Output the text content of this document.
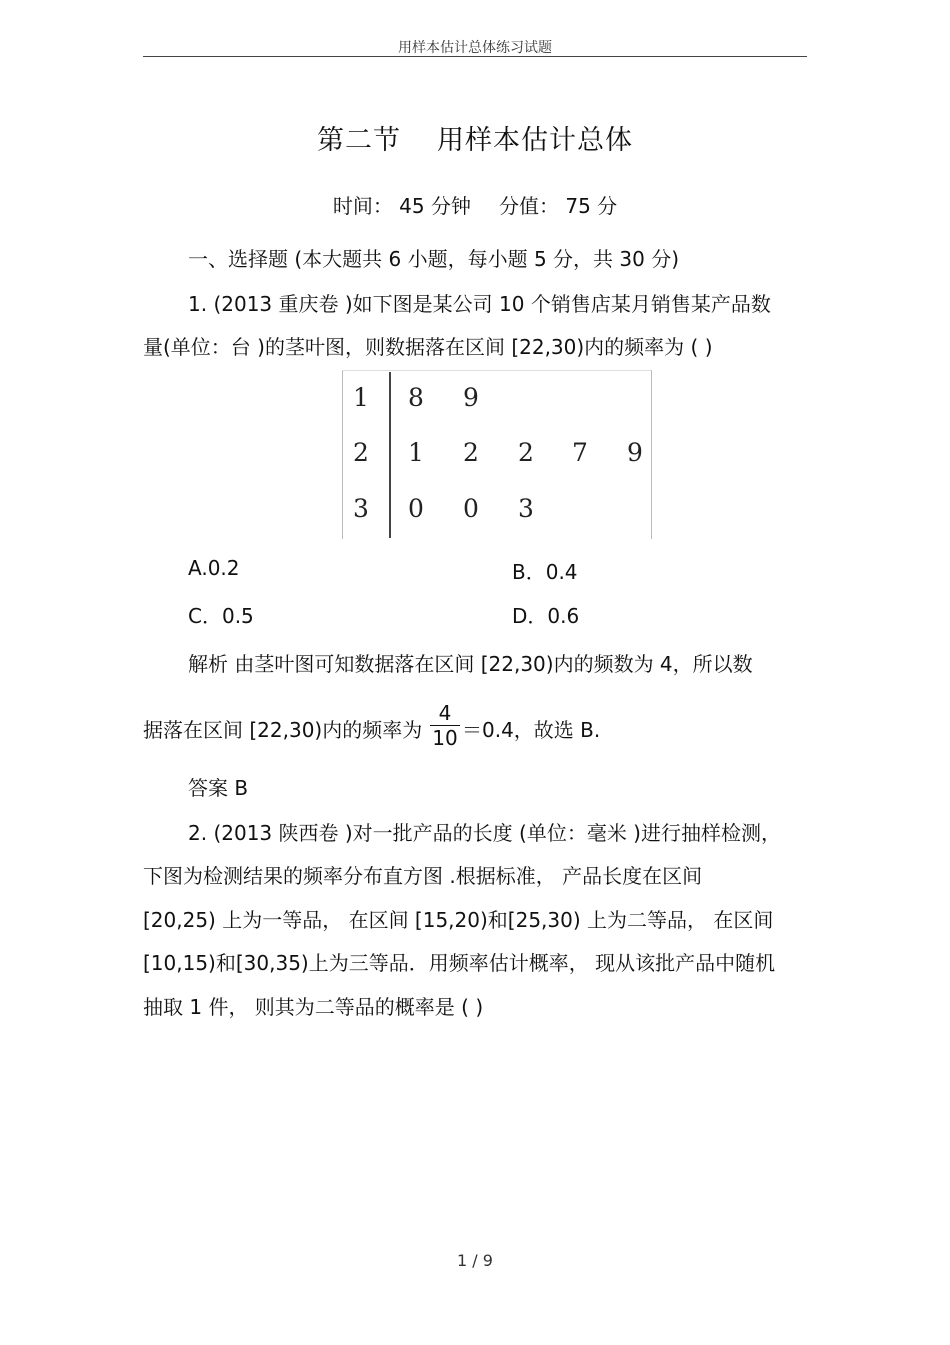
用样本估计总体练习试题
第二节 用样本估计总体
时间： 45 分钟 分值： 75 分
一、选择题 (本大题共 6 小题，每小题 5 分，共 30 分)
1. (2013 重庆卷 )如下图是某公司 10 个销售店某月销售某产品数
量(单位：台 )的茎叶图，则数据落在区间 [22,30)内的频率为 ( )
1
2
3
8 9
1 2 2 7 9
0 0 3
A.0.2	B．0.4
C．0.5	D．0.6
解析 由茎叶图可知数据落在区间 [22,30)内的频数为 4，所以数
据落在区间 [22,30)内的频率为
4
10 ＝0.4，故选 B.
答案 B
2. (2013 陕西卷 )对一批产品的长度 (单位：毫米 )进行抽样检测，
下图为检测结果的频率分布直方图 .根据标准， 产品长度在区间
[20,25) 上为一等品， 在区间 [15,20)和[25,30) 上为二等品， 在区间
[10,15)和[30,35)上为三等品．用频率估计概率， 现从该批产品中随机
抽取 1 件， 则其为二等品的概率是 ( )
1 / 9
